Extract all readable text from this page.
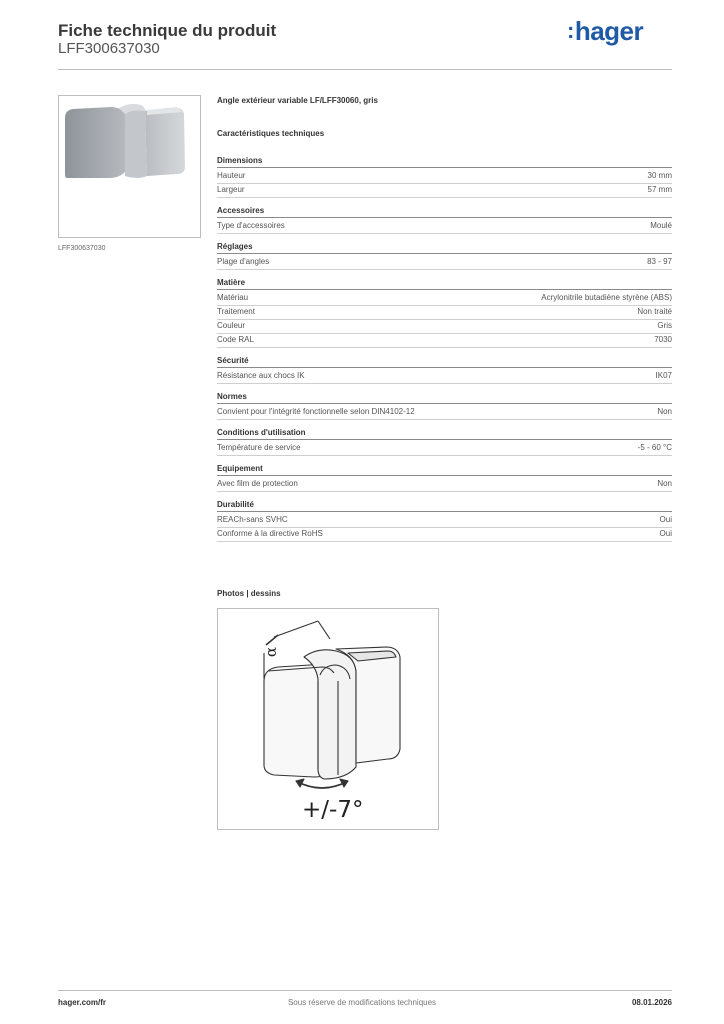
Fiche technique du produit
LFF300637030
:hager
LFF300637030
Angle extérieur variable LF/LFF30060, gris
Caractéristiques techniques
Dimensions
Hauteur	30 mm
Largeur	57 mm
Accessoires
Type d'accessoires	Moulé
Réglages
Plage d'angles	83 - 97
Matière
Matériau	Acrylonitrile butadiène styrène (ABS)
Traitement	Non traité
Couleur	Gris
Code RAL	7030
Sécurité
Résistance aux chocs IK	IK07
Normes
Convient pour l'intégrité fonctionnelle selon DIN4102-12	Non
Conditions d'utilisation
Température de service	-5 - 60 °C
Equipement
Avec film de protection	Non
Durabilité
REACh-sans SVHC	Oui
Conforme à la directive RoHS	Oui
Photos | dessins
α
+/-7°
hager.com/fr	Sous réserve de modifications techniques	08.01.2026
